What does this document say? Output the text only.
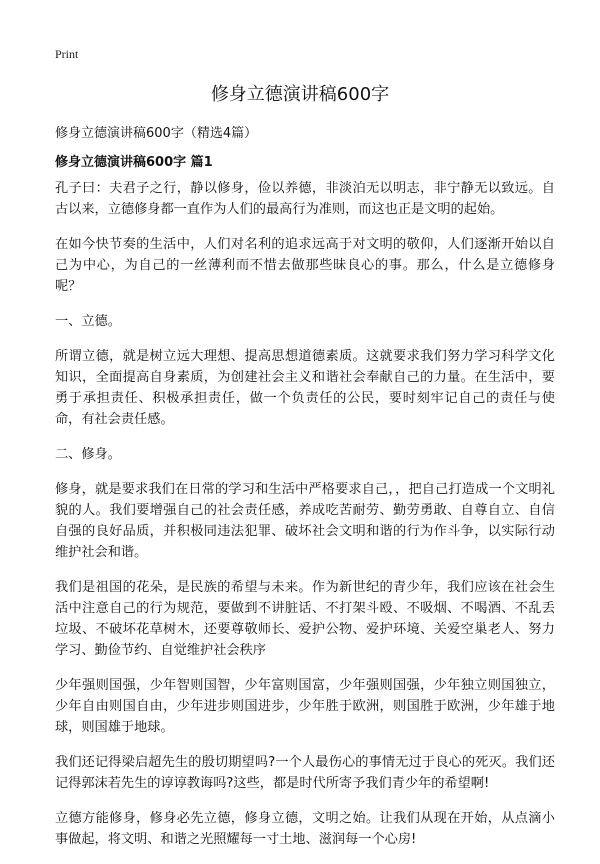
Print
修身立德演讲稿600字
修身立德演讲稿600字（精选4篇）
修身立德演讲稿600字 篇1

孔子曰：夫君子之行，静以修身，俭以养德，非淡泊无以明志，非宁静无以致远。自古以来，立德修身都一直作为人们的最高行为准则，而这也正是文明的起始。

在如今快节奏的生活中，人们对名利的追求远高于对文明的敬仰，人们逐渐开始以自己为中心，为自己的一丝薄利而不惜去做那些昧良心的事。那么，什么是立德修身呢？

一、立德。

所谓立德，就是树立远大理想、提高思想道德素质。这就要求我们努力学习科学文化知识，全面提高自身素质，为创建社会主义和谐社会奉献自己的力量。在生活中，要勇于承担责任、积极承担责任，做一个负责任的公民，要时刻牢记自己的责任与使命，有社会责任感。

二、修身。

修身，就是要求我们在日常的学习和生活中严格要求自己，，把自己打造成一个文明礼貌的人。我们要增强自己的社会责任感，养成吃苦耐劳、勤劳勇敢、自尊自立、自信自强的良好品质，并积极同违法犯罪、破坏社会文明和谐的行为作斗争，以实际行动维护社会和谐。

我们是祖国的花朵，是民族的希望与未来。作为新世纪的青少年，我们应该在社会生活中注意自己的行为规范，要做到不讲脏话、不打架斗殴、不吸烟、不喝酒、不乱丢垃圾、不破坏花草树木，还要尊敬师长、爱护公物、爱护环境、关爱空巢老人、努力学习、勤俭节约、自觉维护社会秩序

少年强则国强，少年智则国智，少年富则国富，少年强则国强，少年独立则国独立，少年自由则国自由，少年进步则国进步，少年胜于欧洲，则国胜于欧洲，少年雄于地球，则国雄于地球。

我们还记得梁启超先生的殷切期望吗?一个人最伤心的事情无过于良心的死灭。我们还记得郭沫若先生的谆谆教诲吗?这些，都是时代所寄予我们青少年的希望啊!

立德方能修身，修身必先立德，修身立德，文明之始。让我们从现在开始，从点滴小事做起，将文明、和谐之光照耀每一寸土地、滋润每一个心房!
